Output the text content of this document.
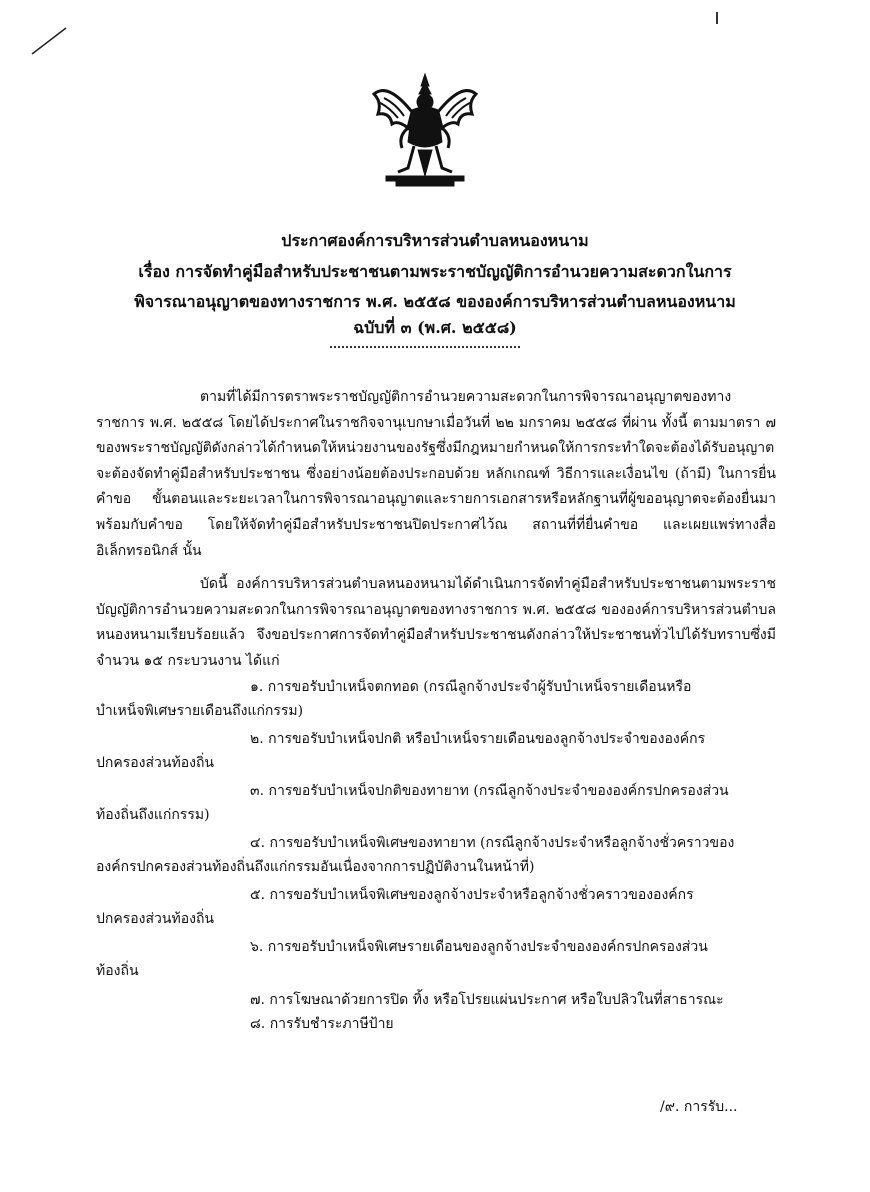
ประกาศองค์การบริหารส่วนตำบลหนองหนาม
เรื่อง การจัดทำคู่มือสำหรับประชาชนตามพระราชบัญญัติการอำนวยความสะดวกในการ
พิจารณาอนุญาตของทางราชการ พ.ศ. ๒๕๕๘ ขององค์การบริหารส่วนตำบลหนองหนาม
ฉบับที่ ๓ (พ.ศ. ๒๕๕๘)
ตามที่ได้มีการตราพระราชบัญญัติการอำนวยความสะดวกในการพิจารณาอนุญาตของทางราชการ พ.ศ. ๒๕๕๘ โดยได้ประกาศในราชกิจจานุเบกษาเมื่อวันที่ ๒๒ มกราคม ๒๕๕๘ ที่ผ่าน ทั้งนี้ ตามมาตรา ๗ ของพระราชบัญญัติดังกล่าวได้กำหนดให้หน่วยงานของรัฐซึ่งมีกฎหมายกำหนดให้การกระทำใดจะต้องได้รับอนุญาต จะต้องจัดทำคู่มือสำหรับประชาชน ซึ่งอย่างน้อยต้องประกอบด้วย หลักเกณฑ์ วิธีการและเงื่อนไข (ถ้ามี) ในการยื่นคำขอ ขั้นตอนและระยะเวลาในการพิจารณาอนุญาตและรายการเอกสารหรือหลักฐานที่ผู้ขออนุญาตจะต้องยื่นมาพร้อมกับคำขอ โดยให้จัดทำคู่มือสำหรับประชาชนปิดประกาศไว้ณ สถานที่ที่ยื่นคำขอ และเผยแพร่ทางสื่ออิเล็กทรอนิกส์ นั้น
บัดนี้ องค์การบริหารส่วนตำบลหนองหนามได้ดำเนินการจัดทำคู่มือสำหรับประชาชนตามพระราชบัญญัติการอำนวยความสะดวกในการพิจารณาอนุญาตของทางราชการ พ.ศ. ๒๕๕๘ ขององค์การบริหารส่วนตำบลหนองหนามเรียบร้อยแล้ว จึงขอประกาศการจัดทำคู่มือสำหรับประชาชนดังกล่าวให้ประชาชนทั่วไปได้รับทราบซึ่งมีจำนวน ๑๕ กระบวนงาน ได้แก่
๑. การขอรับบำเหน็จตกทอด (กรณีลูกจ้างประจำผู้รับบำเหน็จรายเดือนหรือ
บำเหน็จพิเศษรายเดือนถึงแก่กรรม)
๒. การขอรับบำเหน็จปกติ หรือบำเหน็จรายเดือนของลูกจ้างประจำขององค์กร
ปกครองส่วนท้องถิ่น
๓. การขอรับบำเหน็จปกติของทายาท (กรณีลูกจ้างประจำขององค์กรปกครองส่วน
ท้องถิ่นถึงแก่กรรม)
๔. การขอรับบำเหน็จพิเศษของทายาท (กรณีลูกจ้างประจำหรือลูกจ้างชั่วคราวของ
องค์กรปกครองส่วนท้องถิ่นถึงแก่กรรมอันเนื่องจากการปฏิบัติงานในหน้าที่)
๕. การขอรับบำเหน็จพิเศษของลูกจ้างประจำหรือลูกจ้างชั่วคราวขององค์กร
ปกครองส่วนท้องถิ่น
๖. การขอรับบำเหน็จพิเศษรายเดือนของลูกจ้างประจำขององค์กรปกครองส่วน
ท้องถิ่น
๗. การโฆษณาด้วยการปิด ทิ้ง หรือโปรยแผ่นประกาศ หรือใบปลิวในที่สาธารณะ
๘. การรับชำระภาษีป้าย
/๙. การรับ...
